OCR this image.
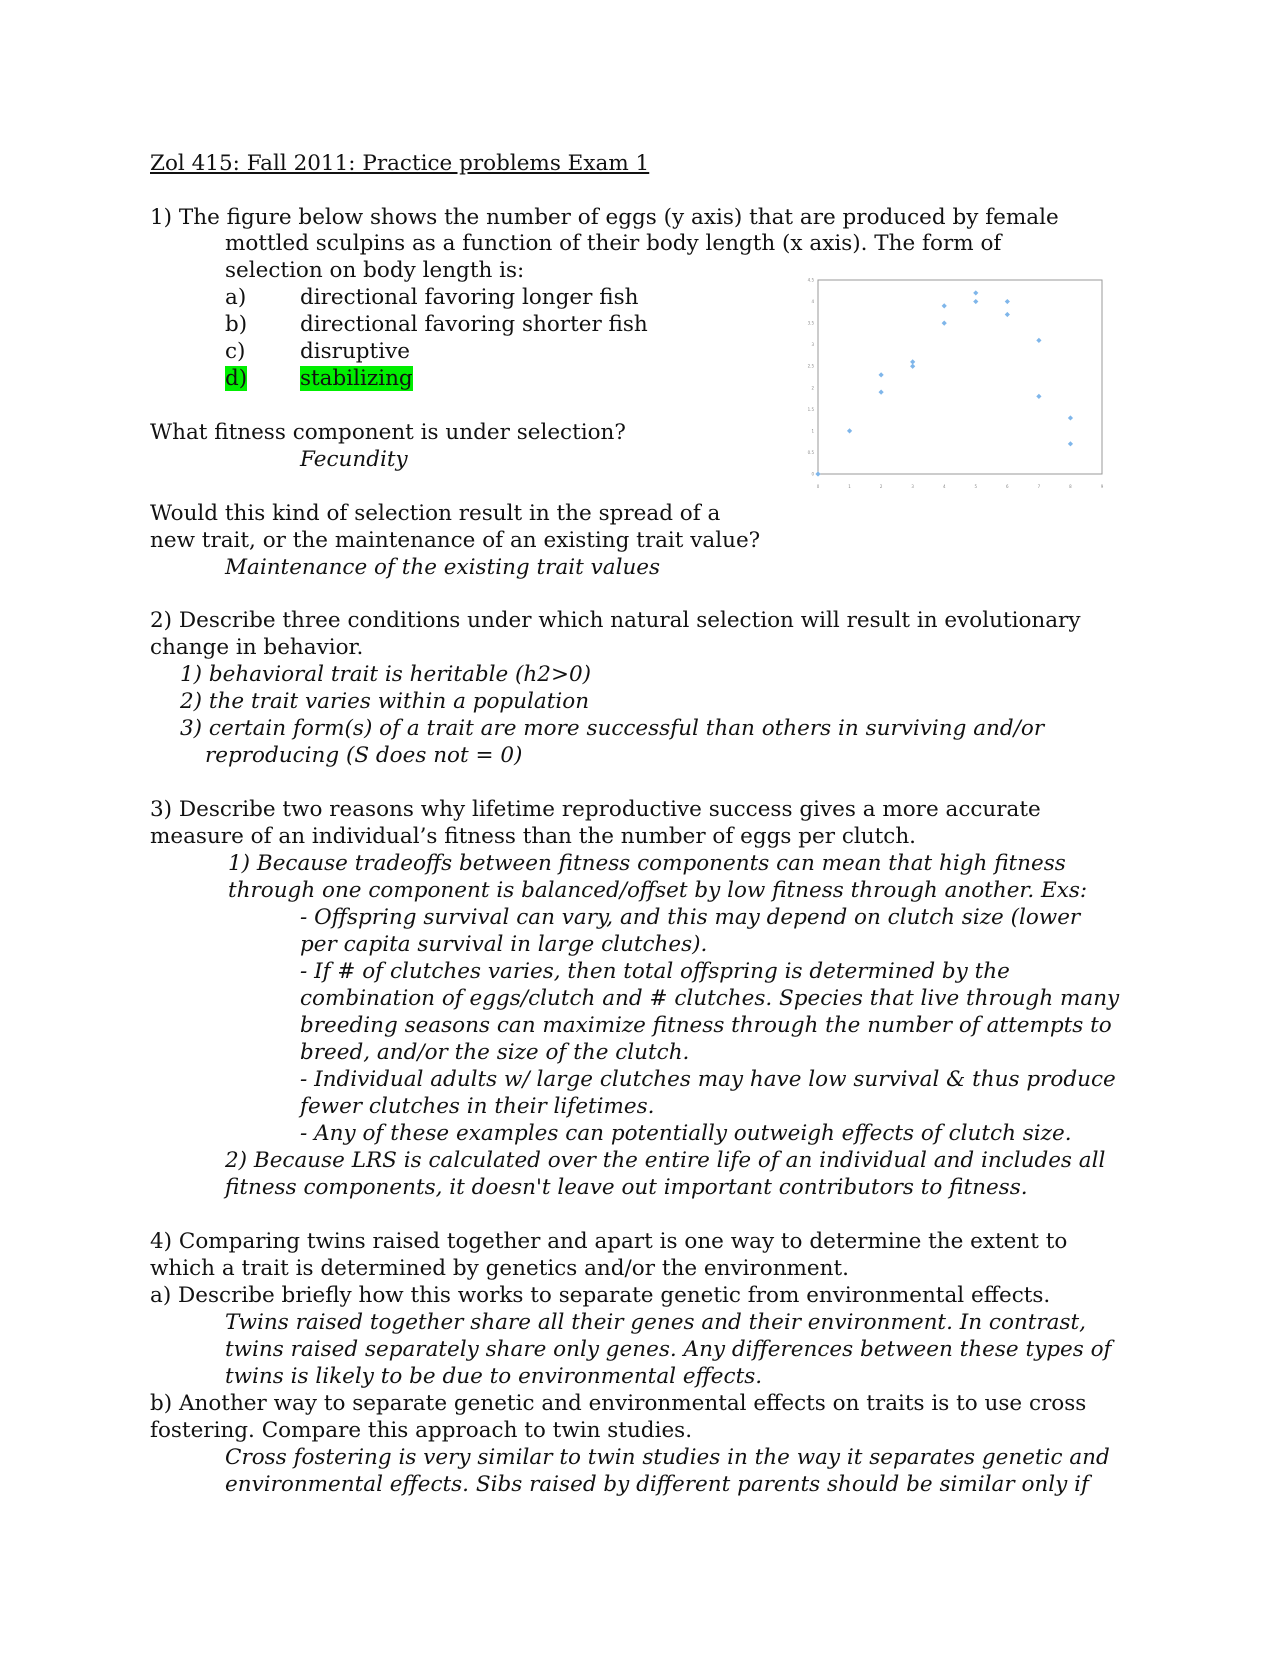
Zol 415: Fall 2011: Practice problems Exam 1
1) The figure below shows the number of eggs (y axis) that are produced by female
mottled sculpins as a function of their body length (x axis). The form of
selection on body length is:
a)	directional favoring longer fish
b) directional favoring shorter fish
c)	disruptive
d) stabilizing
What fitness component is under selection?
Fecundity
Would this kind of selection result in the spread of a
new trait, or the maintenance of an existing trait value?
Maintenance of the existing trait values
0
0.5
1
1.5
2
2.5
3
3.5
4
4.5
0	1	2	3	4	5	6	7	8	9
2) Describe three conditions under which natural selection will result in evolutionary
change in behavior.
1) behavioral trait is heritable (h2>0)
2) the trait varies within a population
3) certain form(s) of a trait are more successful than others in surviving and/or
reproducing (S does not = 0)
3) Describe two reasons why lifetime reproductive success gives a more accurate
measure of an individual’s fitness than the number of eggs per clutch.
1) Because tradeoffs between fitness components can mean that high fitness
through one component is balanced/offset by low fitness through another. Exs:
- Offspring survival can vary, and this may depend on clutch size (lower
per capita survival in large clutches).
- If # of clutches varies, then total offspring is determined by the
combination of eggs/clutch and # clutches. Species that live through many
breeding seasons can maximize fitness through the number of attempts to
breed, and/or the size of the clutch.
- Individual adults w/ large clutches may have low survival & thus produce
fewer clutches in their lifetimes.
- Any of these examples can potentially outweigh effects of clutch size.
2) Because LRS is calculated over the entire life of an individual and includes all
fitness components, it doesn't leave out important contributors to fitness.
4) Comparing twins raised together and apart is one way to determine the extent to
which a trait is determined by genetics and/or the environment.
a) Describe briefly how this works to separate genetic from environmental effects.
Twins raised together share all their genes and their environment. In contrast,
twins raised separately share only genes. Any differences between these types of
twins is likely to be due to environmental effects.
b) Another way to separate genetic and environmental effects on traits is to use cross
fostering. Compare this approach to twin studies.
Cross fostering is very similar to twin studies in the way it separates genetic and
environmental effects. Sibs raised by different parents should be similar only if
